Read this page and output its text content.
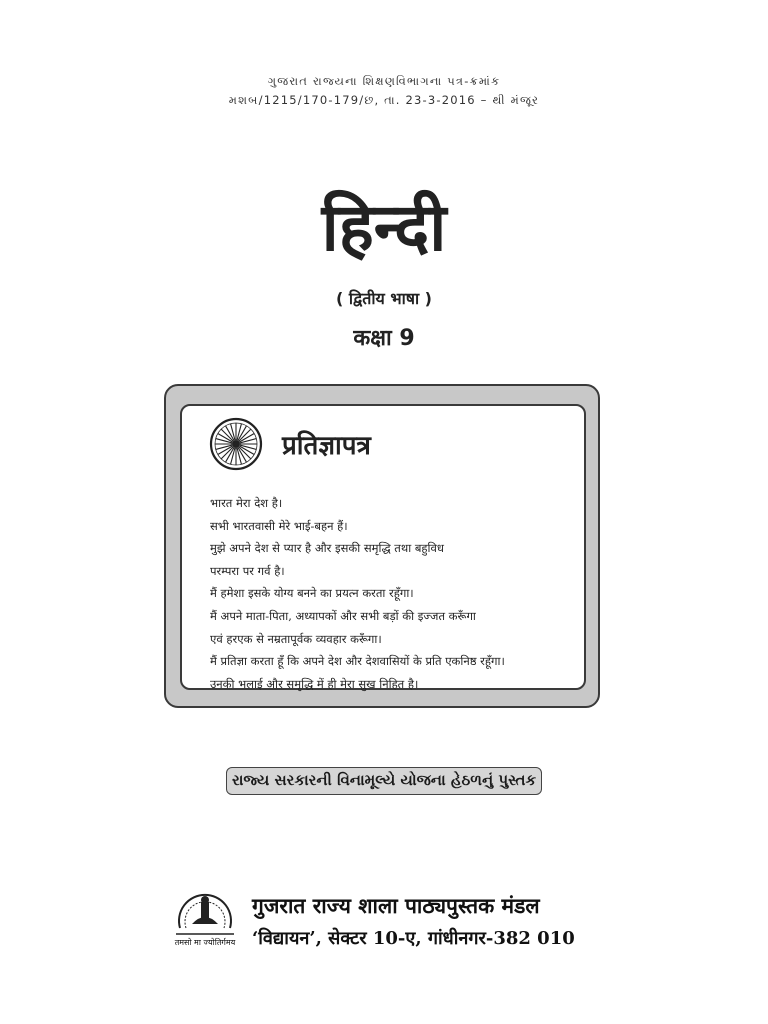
ગુજરાત રાજ્યના શિક્ષણવિભાગના પત્ર-ક્રમાંક
મશબ/1215/170-179/છ, તા. 23-3-2016 – થી મંજૂર
हिन्दी
( द्वितीय भाषा )
कक्षा 9
प्रतिज्ञापत्र
भारत मेरा देश है।
सभी भारतवासी मेरे भाई-बहन हैं।
मुझे अपने देश से प्यार है और इसकी समृद्धि तथा बहुविध
परम्परा पर गर्व है।
मैं हमेशा इसके योग्य बनने का प्रयत्न करता रहूँगा।
मैं अपने माता-पिता, अध्यापकों और सभी बड़ों की इज्जत करूँगा
एवं हरएक से नम्रतापूर्वक व्यवहार करूँगा।
मैं प्रतिज्ञा करता हूँ कि अपने देश और देशवासियों के प्रति एकनिष्ठ रहूँगा।
उनकी भलाई और समृद्धि में ही मेरा सुख निहित है।
રાજ્ય સરકારની વિનામૂલ્યે યોજના હેઠળનું પુસ્તક
तमसो मा ज्योतिर्गमय
गुजरात राज्य शाला पाठ्यपुस्तक मंडल
‘विद्यायन’, सेक्टर 10-ए, गांधीनगर-382 010
